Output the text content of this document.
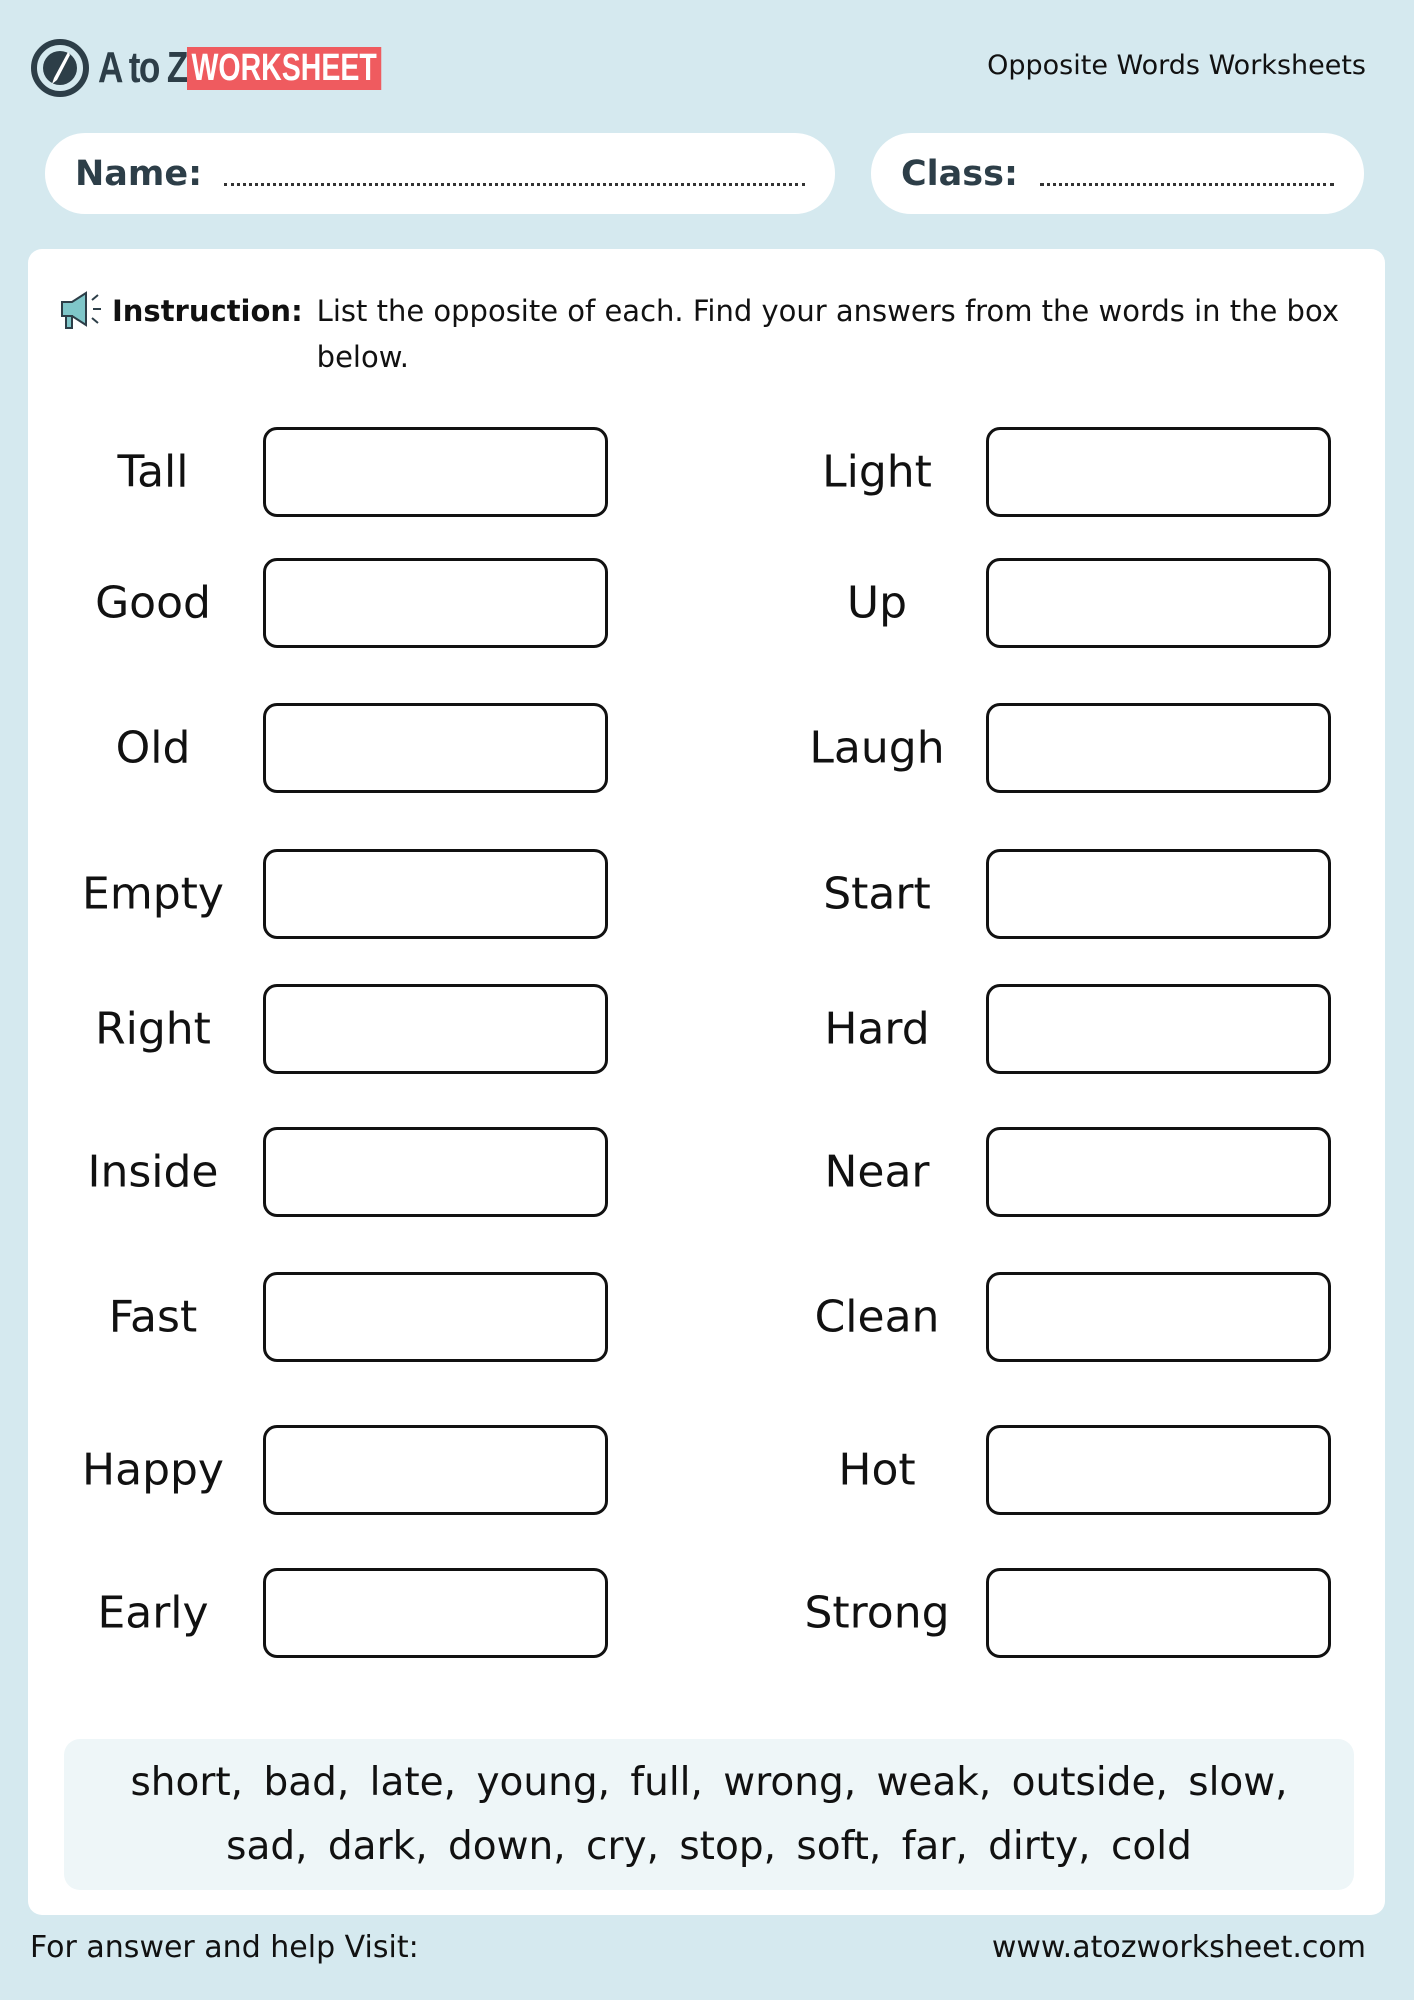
A to Z WORKSHEET	Opposite Words Worksheets
Name:	Class:
Instruction: List the opposite of each. Find your answers from the words in the box below.
Tall	Light
Good	Up
Old	Laugh
Empty	Start
Right	Hard
Inside	Near
Fast	Clean
Happy	Hot
Early	Strong
short, bad, late, young, full, wrong, weak, outside, slow,
sad, dark, down, cry, stop, soft, far, dirty, cold
For answer and help Visit:	www.atozworksheet.com
